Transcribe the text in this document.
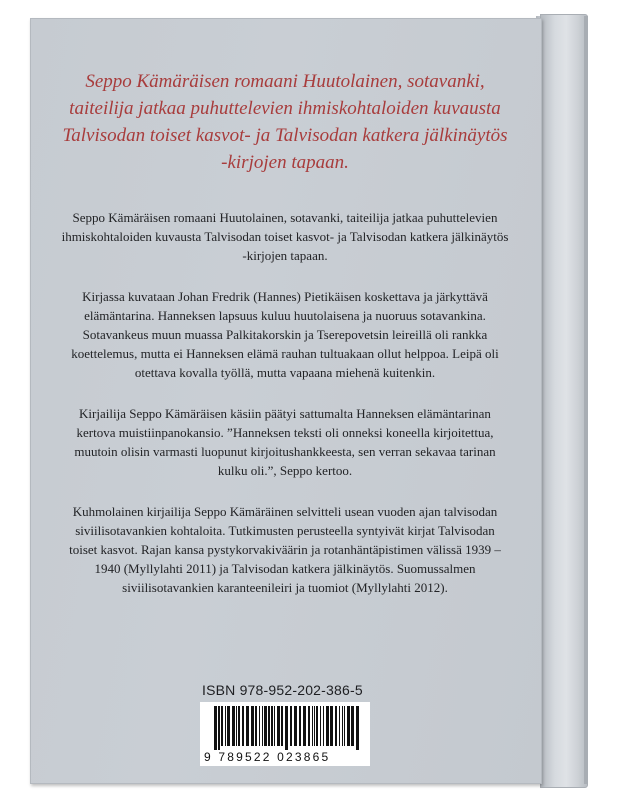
Seppo Kämäräisen romaani Huutolainen, sotavanki, taiteilija jatkaa puhuttelevien ihmiskohtaloiden kuvausta Talvisodan toiset kasvot- ja Talvisodan katkera jälkinäytös -kirjojen tapaan.

Seppo Kämäräisen romaani Huutolainen, sotavanki, taiteilija jatkaa puhuttelevien ihmiskohtaloiden kuvausta Talvisodan toiset kasvot- ja Talvisodan katkera jälkinäytös -kirjojen tapaan.

Kirjassa kuvataan Johan Fredrik (Hannes) Pietikäisen koskettava ja järkyttävä elämäntarina. Hanneksen lapsuus kuluu huutolaisena ja nuoruus sotavankina. Sotavankeus muun muassa Palkitakorskin ja Tserepovetsin leireillä oli rankka koettelemus, mutta ei Hanneksen elämä rauhan tultuakaan ollut helppoa. Leipä oli otettava kovalla työllä, mutta vapaana miehenä kuitenkin.

Kirjailija Seppo Kämäräisen käsiin päätyi sattumalta Hanneksen elämäntarinan kertova muistiinpanokansio. ”Hanneksen teksti oli onneksi koneella kirjoitettua, muutoin olisin varmasti luopunut kirjoitushankkeesta, sen verran sekavaa tarinan kulku oli.”, Seppo kertoo.

Kuhmolainen kirjailija Seppo Kämäräinen selvitteli usean vuoden ajan talvisodan siviilisotavankien kohtaloita. Tutkimusten perusteella syntyivät kirjat Talvisodan toiset kasvot. Rajan kansa pystykorvakiväärin ja rotanhäntäpistimen välissä 1939 – 1940 (Myllylahti 2011) ja Talvisodan katkera jälkinäytös. Suomussalmen siviilisotavankien karanteenileiri ja tuomiot (Myllylahti 2012).

ISBN 978-952-202-386-5
9 789522 023865
